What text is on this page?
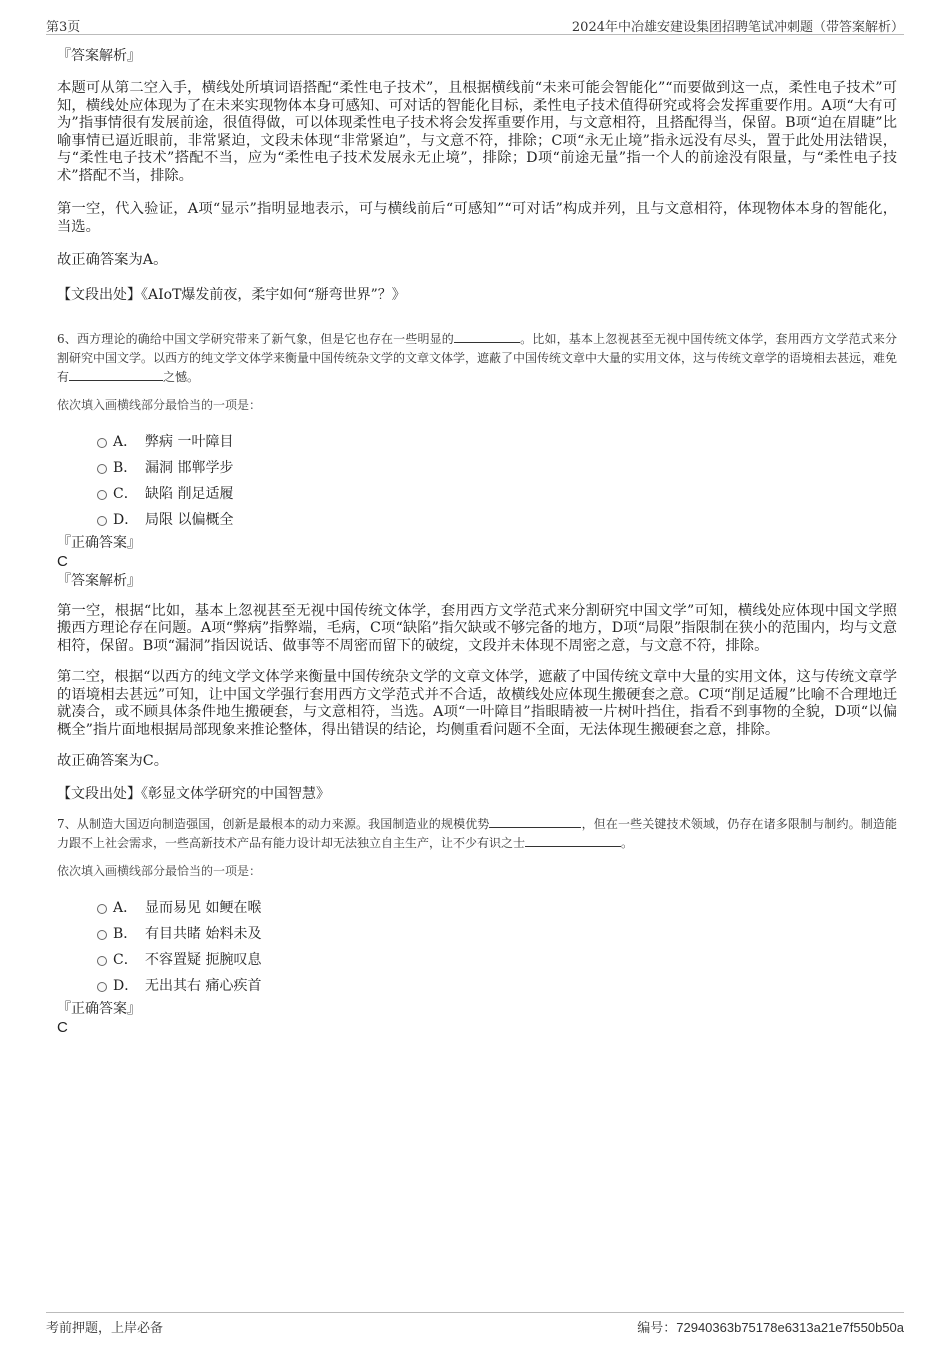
第3页	2024年中冶雄安建设集团招聘笔试冲刺题（带答案解析）

『答案解析』

本题可从第二空入手，横线处所填词语搭配“柔性电子技术”，且根据横线前“未来可能会智能化”“而要做到这一点，柔性电子技术”可知，横线处应体现为了在未来实现物体本身可感知、可对话的智能化目标，柔性电子技术值得研究或将会发挥重要作用。A项“大有可为”指事情很有发展前途，很值得做，可以体现柔性电子技术将会发挥重要作用，与文意相符，且搭配得当，保留。B项“迫在眉睫”比喻事情已逼近眼前，非常紧迫，文段未体现“非常紧迫”，与文意不符，排除；C项“永无止境”指永远没有尽头，置于此处用法错误，与“柔性电子技术”搭配不当，应为“柔性电子技术发展永无止境”，排除；D项“前途无量”指一个人的前途没有限量，与“柔性电子技术”搭配不当，排除。

第一空，代入验证，A项“显示”指明显地表示，可与横线前后“可感知”“可对话”构成并列，且与文意相符，体现物体本身的智能化，当选。

故正确答案为A。

【文段出处】《AIoT爆发前夜，柔宇如何“掰弯世界”？》

6、西方理论的确给中国文学研究带来了新气象，但是它也存在一些明显的	。比如，基本上忽视甚至无视中国传统文体学，套用西方文学范式来分割研究中国文学。以西方的纯文学文体学来衡量中国传统杂文学的文章文体学，遮蔽了中国传统文章中大量的实用文体，这与传统文章学的语境相去甚远，难免有	之憾。

依次填入画横线部分最恰当的一项是：

A． 弊病 一叶障目
B． 漏洞 邯郸学步
C． 缺陷 削足适履
D． 局限 以偏概全

『正确答案』

C

『答案解析』

第一空，根据“比如，基本上忽视甚至无视中国传统文体学，套用西方文学范式来分割研究中国文学”可知，横线处应体现中国文学照搬西方理论存在问题。A项“弊病”指弊端，毛病，C项“缺陷”指欠缺或不够完备的地方，D项“局限”指限制在狭小的范围内，均与文意相符，保留。B项“漏洞”指因说话、做事等不周密而留下的破绽，文段并未体现不周密之意，与文意不符，排除。

第二空，根据“以西方的纯文学文体学来衡量中国传统杂文学的文章文体学，遮蔽了中国传统文章中大量的实用文体，这与传统文章学的语境相去甚远”可知，让中国文学强行套用西方文学范式并不合适，故横线处应体现生搬硬套之意。C项“削足适履”比喻不合理地迁就凑合，或不顾具体条件地生搬硬套，与文意相符，当选。A项“一叶障目”指眼睛被一片树叶挡住，指看不到事物的全貌，D项“以偏概全”指片面地根据局部现象来推论整体，得出错误的结论，均侧重看问题不全面，无法体现生搬硬套之意，排除。

故正确答案为C。

【文段出处】《彰显文体学研究的中国智慧》

7、从制造大国迈向制造强国，创新是最根本的动力来源。我国制造业的规模优势	，但在一些关键技术领域，仍存在诸多限制与制约。制造能力跟不上社会需求，一些高新技术产品有能力设计却无法独立自主生产，让不少有识之士	。

依次填入画横线部分最恰当的一项是：

A． 显而易见 如鲠在喉
B． 有目共睹 始料未及
C． 不容置疑 扼腕叹息
D． 无出其右 痛心疾首

『正确答案』

C

考前押题，上岸必备	编号：72940363b75178e6313a21e7f550b50a
